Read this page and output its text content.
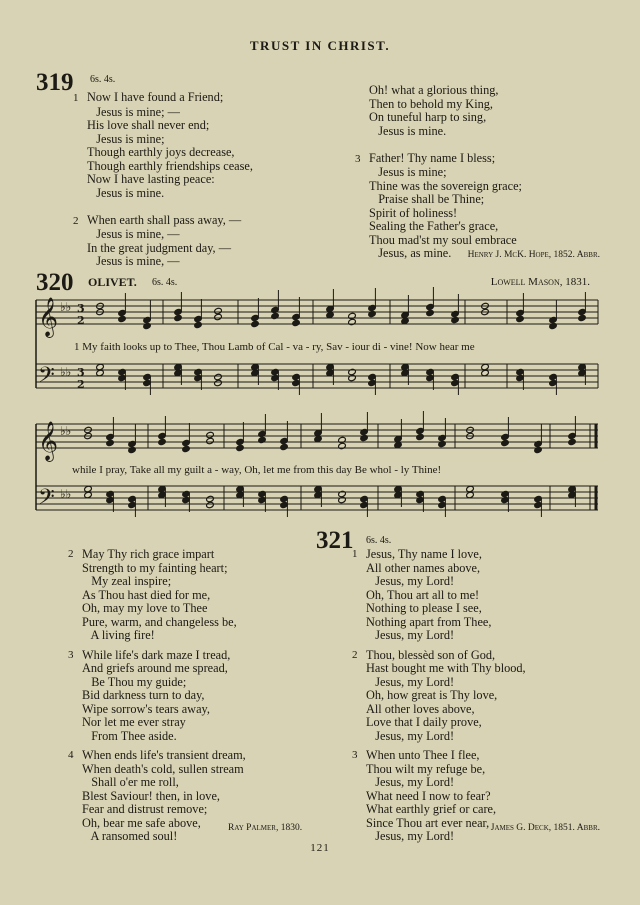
TRUST IN CHRIST.
319 6s. 4s.
1 Now I have found a Friend;
Jesus is mine; —
His love shall never end;
Jesus is mine;
Though earthly joys decrease,
Though earthly friendships cease,
Now I have lasting peace:
Jesus is mine.

2 When earth shall pass away, —
Jesus is mine, —
In the great judgment day, —
Jesus is mine, —
Oh! what a glorious thing,
Then to behold my King,
On tuneful harp to sing,
Jesus is mine.

3 Father! Thy name I bless;
Jesus is mine;
Thine was the sovereign grace;
Praise shall be Thine;
Spirit of holiness!
Sealing the Father's grace,
Thou mad'st my soul embrace
Jesus, as mine.	Henry J. McK. Hope, 1852. Abbr.
320 OLIVET. 6s. 4s.	Lowell Mason, 1831.
𝄞
𝄢
♭♭
♭♭
𝄞
𝄢
♭♭
♭♭
3
2
3
2
1 My faith looks up to Thee, Thou Lamb of Cal - va - ry, Sav - iour di - vine! Now hear me
while I pray, Take all my guilt a - way, Oh, let me from this day Be whol - ly Thine!
2 May Thy rich grace impart
Strength to my fainting heart;
My zeal inspire;
As Thou hast died for me,
Oh, may my love to Thee
Pure, warm, and changeless be,
A living fire!
3 While life's dark maze I tread,
And griefs around me spread,
Be Thou my guide;
Bid darkness turn to day,
Wipe sorrow's tears away,
Nor let me ever stray
From Thee aside.
4 When ends life's transient dream,
When death's cold, sullen stream
Shall o'er me roll,
Blest Saviour! then, in love,
Fear and distrust remove;
Oh, bear me safe above,
A ransomed soul!
Ray Palmer, 1830.
321 6s. 4s.
1 Jesus, Thy name I love,
All other names above,
Jesus, my Lord!
Oh, Thou art all to me!
Nothing to please I see,
Nothing apart from Thee,
Jesus, my Lord!
2 Thou, blessèd son of God,
Hast bought me with Thy blood,
Jesus, my Lord!
Oh, how great is Thy love,
All other loves above,
Love that I daily prove,
Jesus, my Lord!
3 When unto Thee I flee,
Thou wilt my refuge be,
Jesus, my Lord!
What need I now to fear?
What earthly grief or care,
Since Thou art ever near,
Jesus, my Lord!
James G. Deck, 1851. Abbr.
121
